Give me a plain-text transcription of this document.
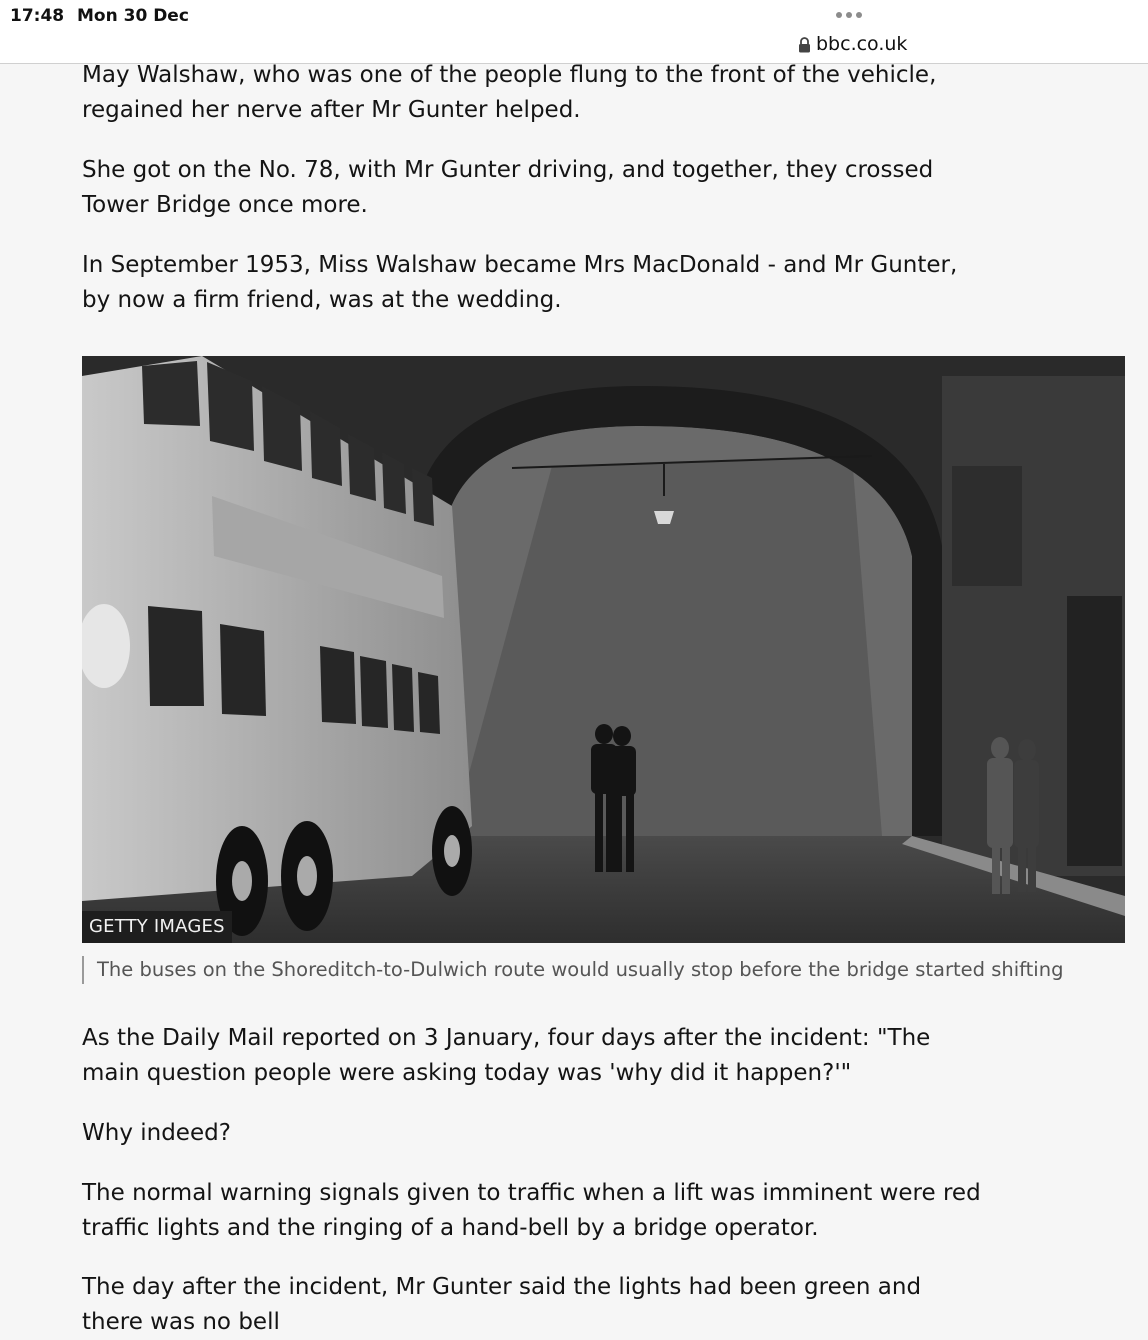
17:48 Mon 30 Dec
bbc.co.uk

May Walshaw, who was one of the people flung to the front of the vehicle, regained her nerve after Mr Gunter helped.

She got on the No. 78, with Mr Gunter driving, and together, they crossed Tower Bridge once more.

In September 1953, Miss Walshaw became Mrs MacDonald - and Mr Gunter, by now a firm friend, was at the wedding.

GETTY IMAGES
The buses on the Shoreditch-to-Dulwich route would usually stop before the bridge started shifting

As the Daily Mail reported on 3 January, four days after the incident: "The main question people were asking today was 'why did it happen?'"

Why indeed?

The normal warning signals given to traffic when a lift was imminent were red traffic lights and the ringing of a hand-bell by a bridge operator.

The day after the incident, Mr Gunter said the lights had been green and there was no bell
